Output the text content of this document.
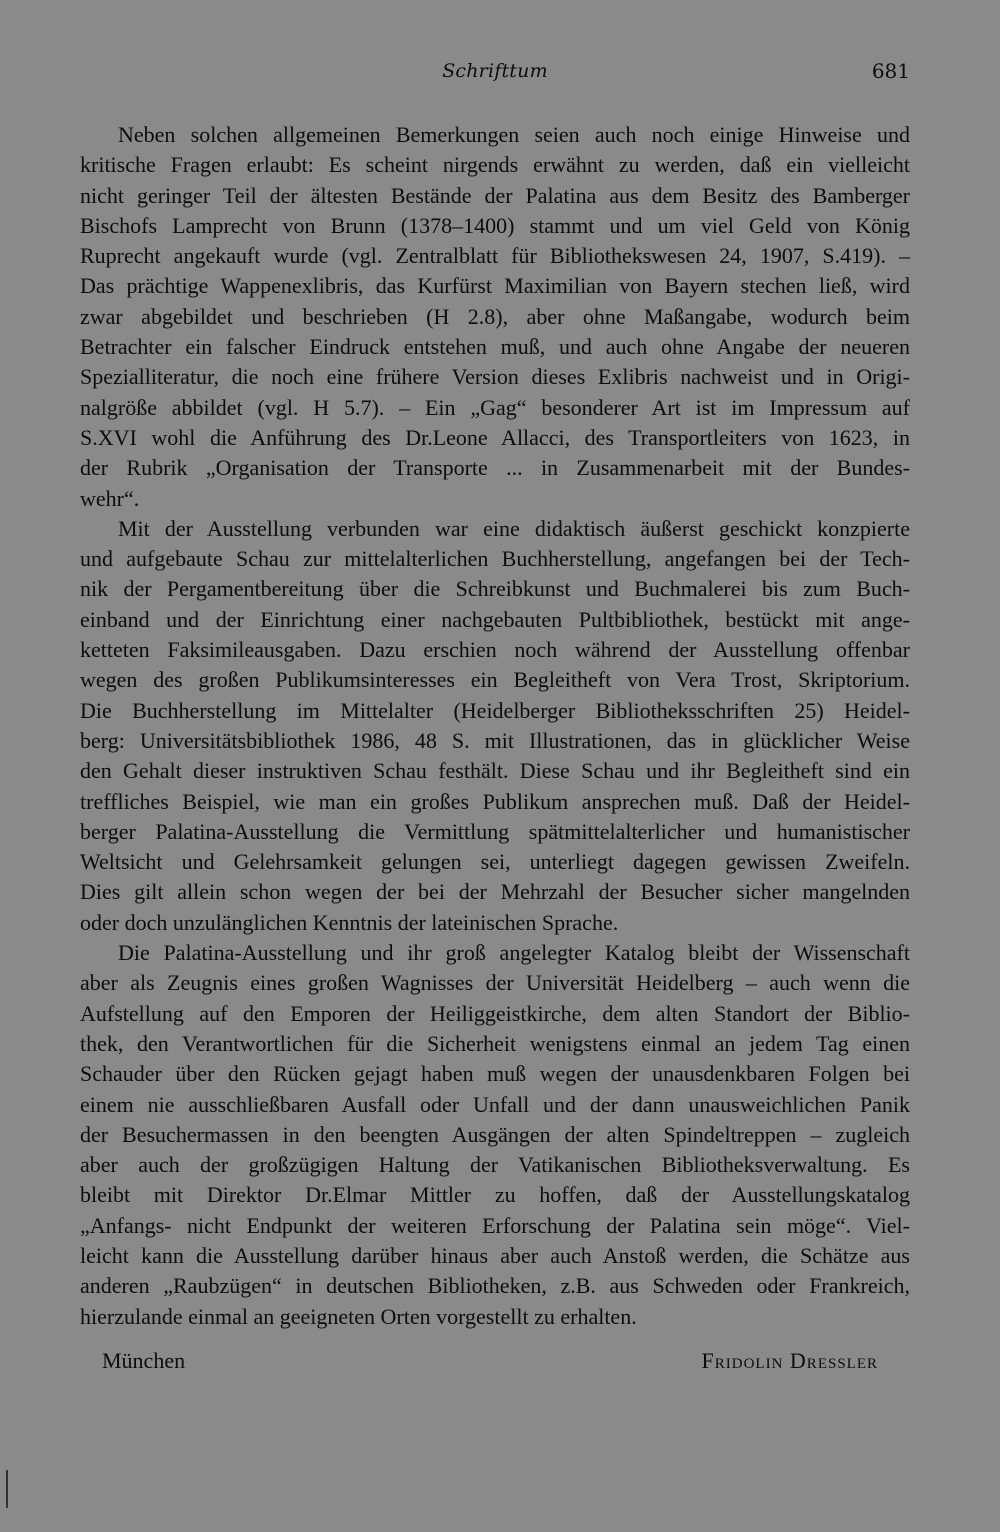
Schrifttum	681
Neben solchen allgemeinen Bemerkungen seien auch noch einige Hinweise und
kritische Fragen erlaubt: Es scheint nirgends erwähnt zu werden, daß ein vielleicht
nicht geringer Teil der ältesten Bestände der Palatina aus dem Besitz des Bamberger
Bischofs Lamprecht von Brunn (1378–1400) stammt und um viel Geld von König
Ruprecht angekauft wurde (vgl. Zentralblatt für Bibliothekswesen 24, 1907, S.419). –
Das prächtige Wappenexlibris, das Kurfürst Maximilian von Bayern stechen ließ, wird
zwar abgebildet und beschrieben (H 2.8), aber ohne Maßangabe, wodurch beim
Betrachter ein falscher Eindruck entstehen muß, und auch ohne Angabe der neueren
Spezialliteratur, die noch eine frühere Version dieses Exlibris nachweist und in Origi-
nalgröße abbildet (vgl. H 5.7). – Ein „Gag“ besonderer Art ist im Impressum auf
S.XVI wohl die Anführung des Dr.Leone Allacci, des Transportleiters von 1623, in
der Rubrik „Organisation der Transporte ... in Zusammenarbeit mit der Bundes-
wehr“.
Mit der Ausstellung verbunden war eine didaktisch äußerst geschickt konzpierte
und aufgebaute Schau zur mittelalterlichen Buchherstellung, angefangen bei der Tech-
nik der Pergamentbereitung über die Schreibkunst und Buchmalerei bis zum Buch-
einband und der Einrichtung einer nachgebauten Pultbibliothek, bestückt mit ange-
ketteten Faksimileausgaben. Dazu erschien noch während der Ausstellung offenbar
wegen des großen Publikumsinteresses ein Begleitheft von Vera Trost, Skriptorium.
Die Buchherstellung im Mittelalter (Heidelberger Bibliotheksschriften 25) Heidel-
berg: Universitätsbibliothek 1986, 48 S. mit Illustrationen, das in glücklicher Weise
den Gehalt dieser instruktiven Schau festhält. Diese Schau und ihr Begleitheft sind ein
treffliches Beispiel, wie man ein großes Publikum ansprechen muß. Daß der Heidel-
berger Palatina-Ausstellung die Vermittlung spätmittelalterlicher und humanistischer
Weltsicht und Gelehrsamkeit gelungen sei, unterliegt dagegen gewissen Zweifeln.
Dies gilt allein schon wegen der bei der Mehrzahl der Besucher sicher mangelnden
oder doch unzulänglichen Kenntnis der lateinischen Sprache.
Die Palatina-Ausstellung und ihr groß angelegter Katalog bleibt der Wissenschaft
aber als Zeugnis eines großen Wagnisses der Universität Heidelberg – auch wenn die
Aufstellung auf den Emporen der Heiliggeistkirche, dem alten Standort der Biblio-
thek, den Verantwortlichen für die Sicherheit wenigstens einmal an jedem Tag einen
Schauder über den Rücken gejagt haben muß wegen der unausdenkbaren Folgen bei
einem nie ausschließbaren Ausfall oder Unfall und der dann unausweichlichen Panik
der Besuchermassen in den beengten Ausgängen der alten Spindeltreppen – zugleich
aber auch der großzügigen Haltung der Vatikanischen Bibliotheksverwaltung. Es
bleibt mit Direktor Dr.Elmar Mittler zu hoffen, daß der Ausstellungskatalog
„Anfangs- nicht Endpunkt der weiteren Erforschung der Palatina sein möge“. Viel-
leicht kann die Ausstellung darüber hinaus aber auch Anstoß werden, die Schätze aus
anderen „Raubzügen“ in deutschen Bibliotheken, z.B. aus Schweden oder Frankreich,
hierzulande einmal an geeigneten Orten vorgestellt zu erhalten.
München	Fridolin Dressler
